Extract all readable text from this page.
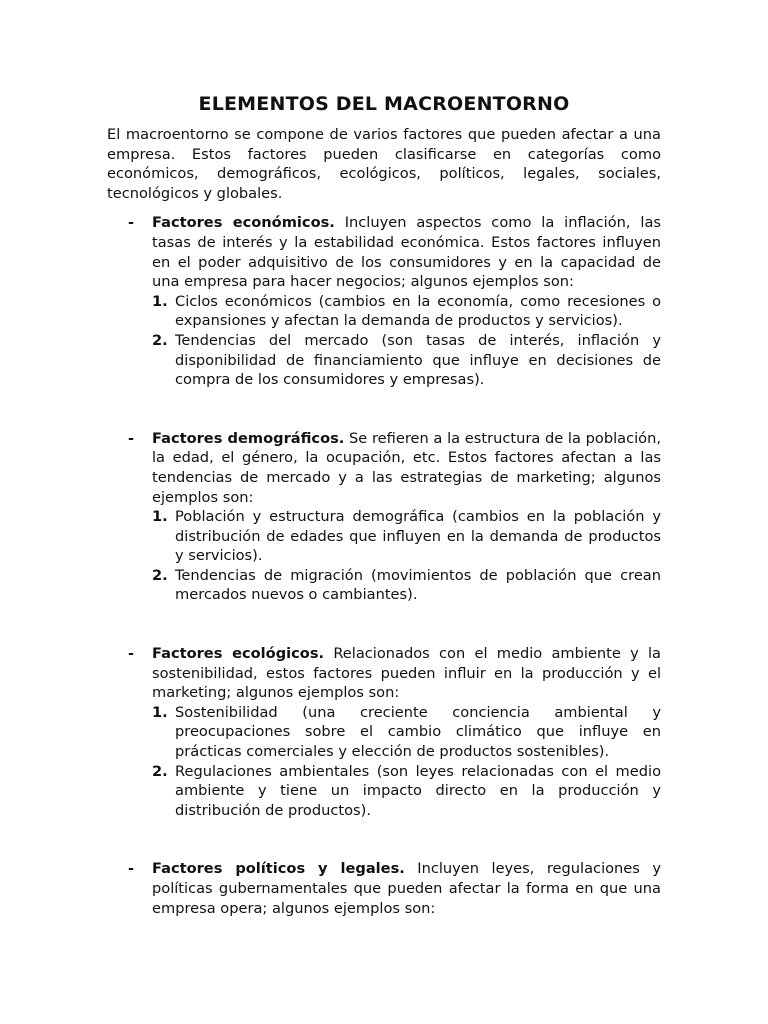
ELEMENTOS DEL MACROENTORNO

El macroentorno se compone de varios factores que pueden afectar a una empresa. Estos factores pueden clasificarse en categorías como económicos, demográficos, ecológicos, políticos, legales, sociales, tecnológicos y globales.

- Factores económicos. Incluyen aspectos como la inflación, las tasas de interés y la estabilidad económica. Estos factores influyen en el poder adquisitivo de los consumidores y en la capacidad de una empresa para hacer negocios; algunos ejemplos son:
1. Ciclos económicos (cambios en la economía, como recesiones o expansiones y afectan la demanda de productos y servicios).
2. Tendencias del mercado (son tasas de interés, inflación y disponibilidad de financiamiento que influye en decisiones de compra de los consumidores y empresas).
- Factores demográficos. Se refieren a la estructura de la población, la edad, el género, la ocupación, etc. Estos factores afectan a las tendencias de mercado y a las estrategias de marketing; algunos ejemplos son:
1. Población y estructura demográfica (cambios en la población y distribución de edades que influyen en la demanda de productos y servicios).
2. Tendencias de migración (movimientos de población que crean mercados nuevos o cambiantes).
- Factores ecológicos. Relacionados con el medio ambiente y la sostenibilidad, estos factores pueden influir en la producción y el marketing; algunos ejemplos son:
1. Sostenibilidad (una creciente conciencia ambiental y preocupaciones sobre el cambio climático que influye en prácticas comerciales y elección de productos sostenibles).
2. Regulaciones ambientales (son leyes relacionadas con el medio ambiente y tiene un impacto directo en la producción y distribución de productos).
- Factores políticos y legales. Incluyen leyes, regulaciones y políticas gubernamentales que pueden afectar la forma en que una empresa opera; algunos ejemplos son:
